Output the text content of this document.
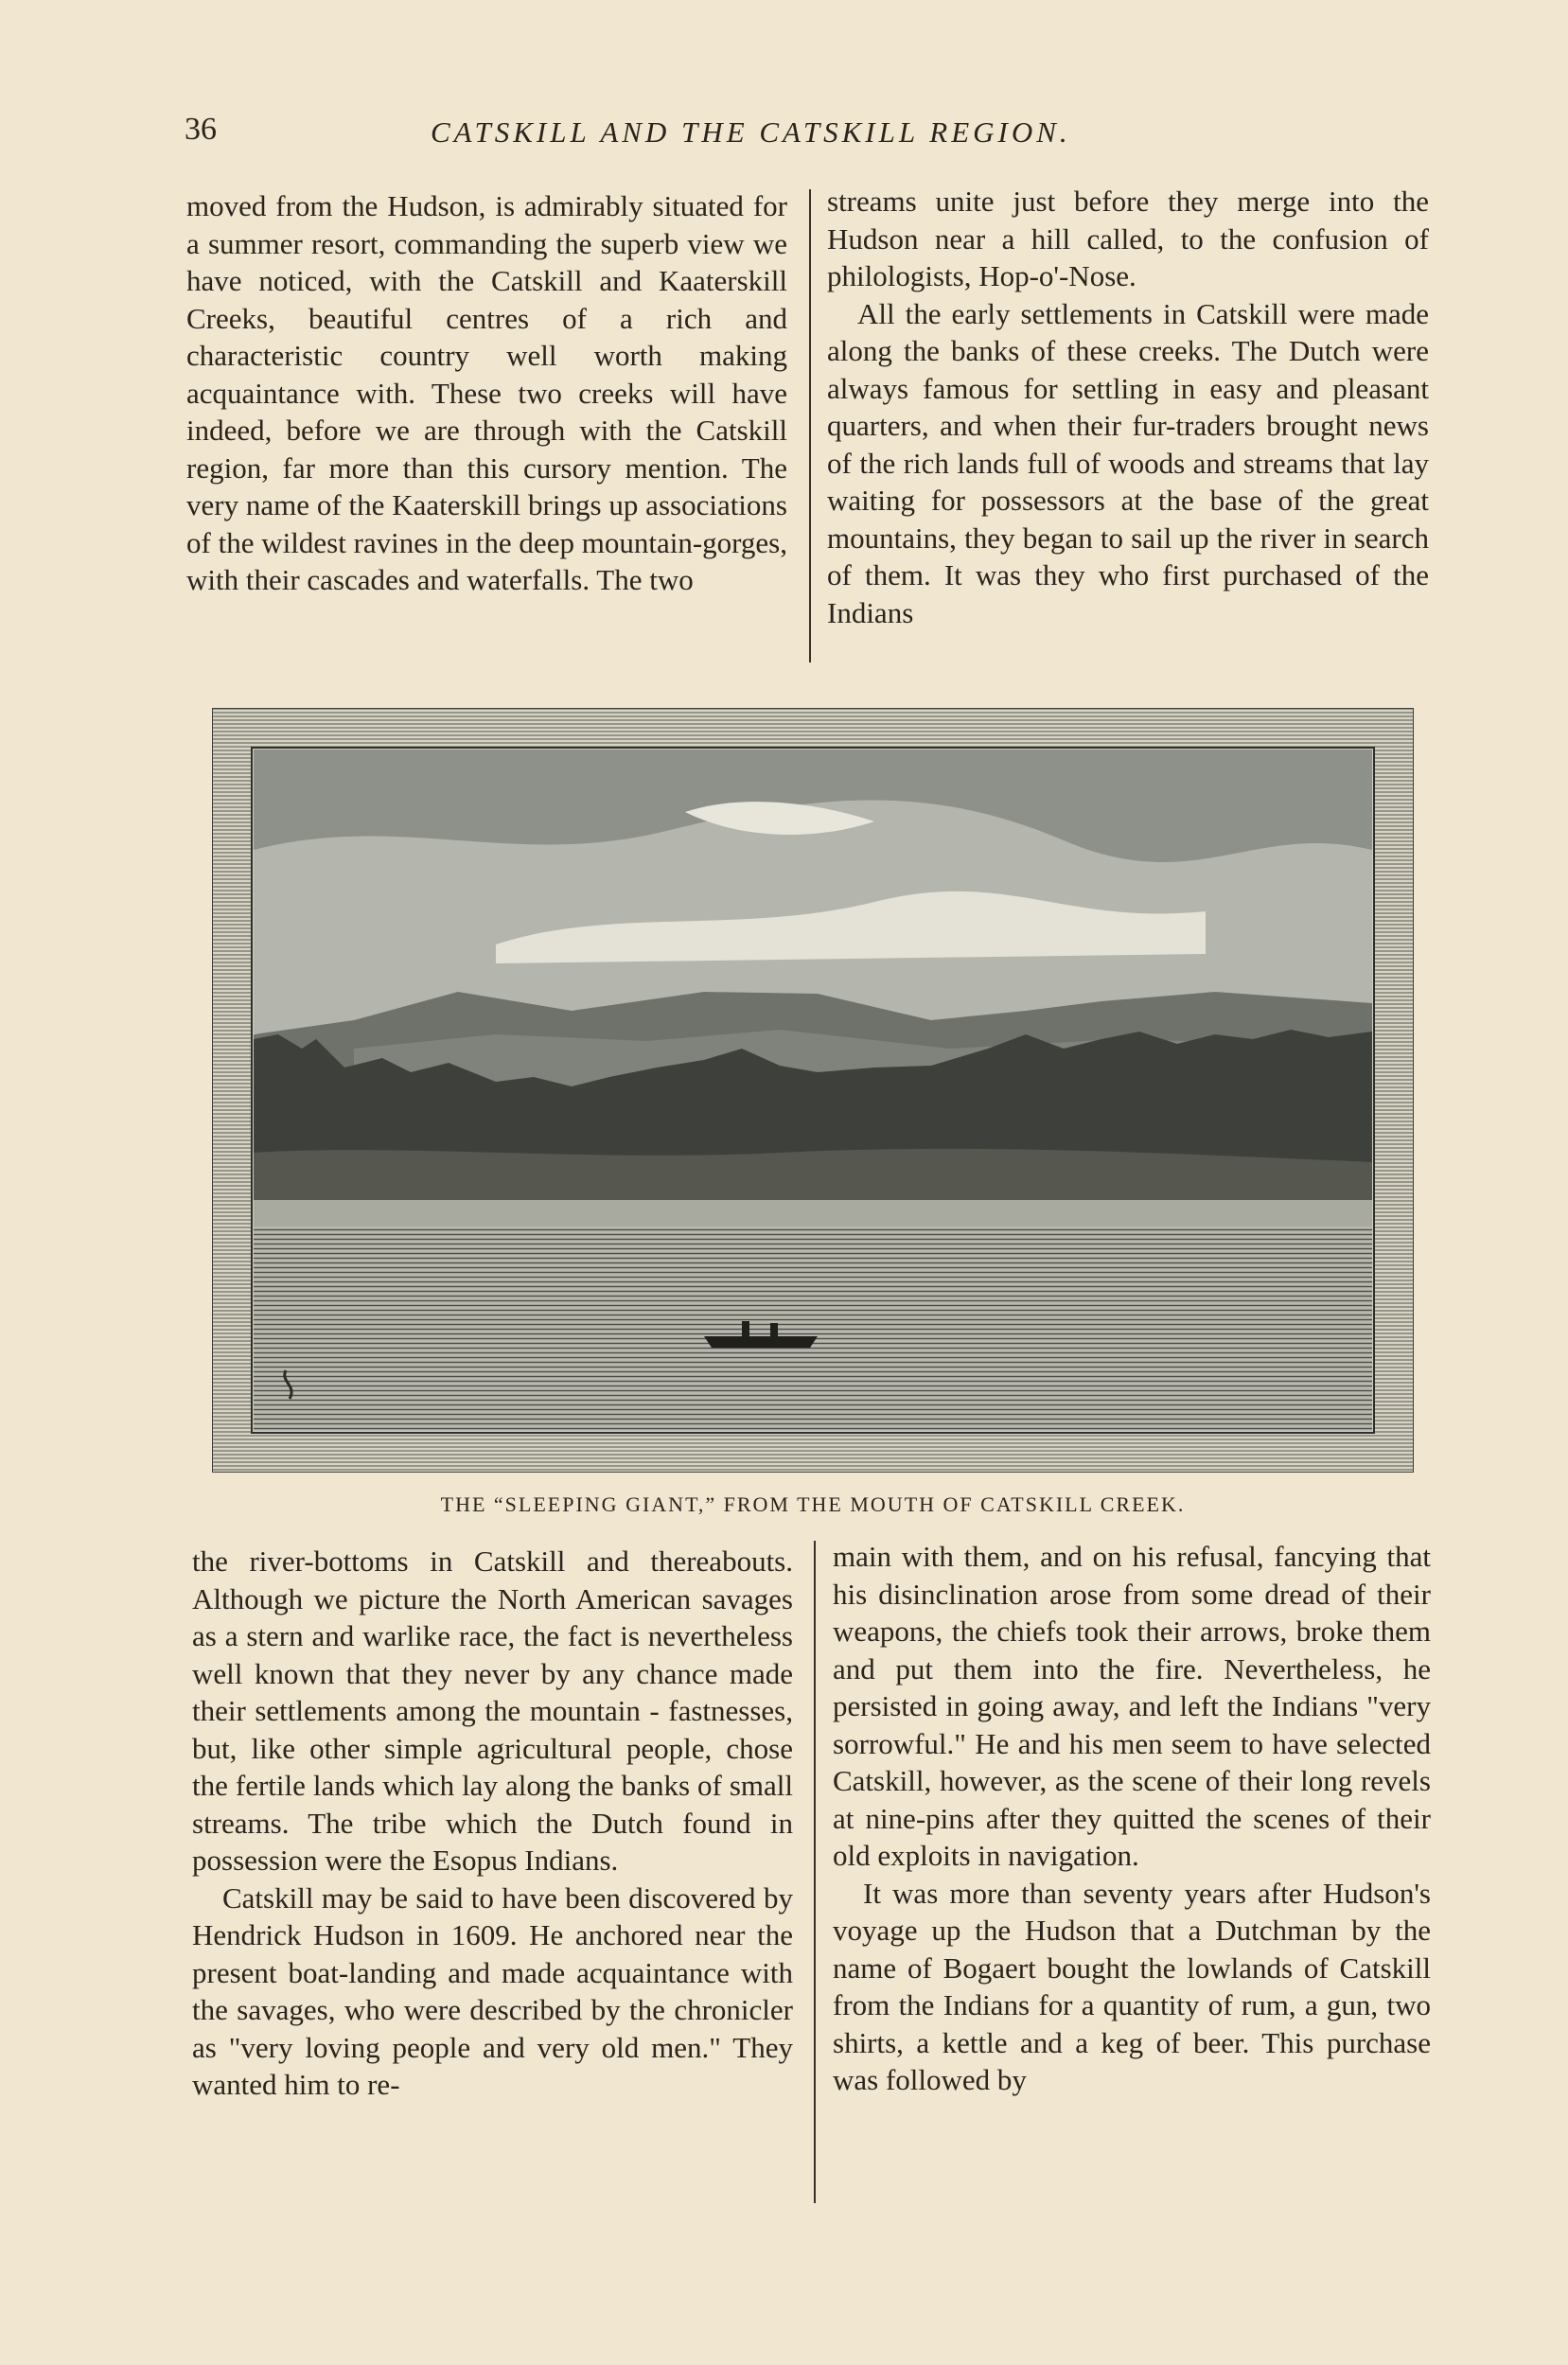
36	CATSKILL AND THE CATSKILL REGION.

moved from the Hudson, is admirably situated for a summer resort, commanding the superb view we have noticed, with the Catskill and Kaaterskill Creeks, beautiful centres of a rich and characteristic country well worth making acquaintance with. These two creeks will have indeed, before we are through with the Catskill region, far more than this cursory mention. The very name of the Kaaterskill brings up associations of the wildest ravines in the deep mountain-gorges, with their cascades and waterfalls. The two

streams unite just before they merge into the Hudson near a hill called, to the confusion of philologists, Hop-o'-Nose.

All the early settlements in Catskill were made along the banks of these creeks. The Dutch were always famous for settling in easy and pleasant quarters, and when their fur-traders brought news of the rich lands full of woods and streams that lay waiting for possessors at the base of the great mountains, they began to sail up the river in search of them. It was they who first purchased of the Indians

THE “SLEEPING GIANT,” FROM THE MOUTH OF CATSKILL CREEK.

the river-bottoms in Catskill and thereabouts. Although we picture the North American savages as a stern and warlike race, the fact is nevertheless well known that they never by any chance made their settlements among the mountain - fastnesses, but, like other simple agricultural people, chose the fertile lands which lay along the banks of small streams. The tribe which the Dutch found in possession were the Esopus Indians.

Catskill may be said to have been discovered by Hendrick Hudson in 1609. He anchored near the present boat-landing and made acquaintance with the savages, who were described by the chronicler as "very loving people and very old men." They wanted him to re-

main with them, and on his refusal, fancying that his disinclination arose from some dread of their weapons, the chiefs took their arrows, broke them and put them into the fire. Nevertheless, he persisted in going away, and left the Indians "very sorrowful." He and his men seem to have selected Catskill, however, as the scene of their long revels at nine-pins after they quitted the scenes of their old exploits in navigation.

It was more than seventy years after Hudson's voyage up the Hudson that a Dutchman by the name of Bogaert bought the lowlands of Catskill from the Indians for a quantity of rum, a gun, two shirts, a kettle and a keg of beer. This purchase was followed by
